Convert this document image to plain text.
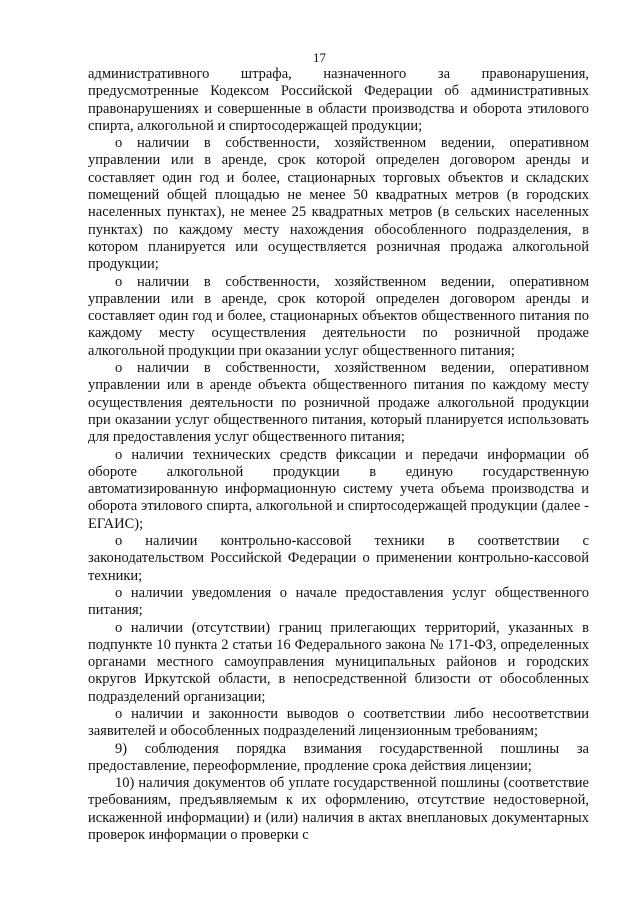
17

административного штрафа, назначенного за правонарушения, предусмотренные Кодексом Российской Федерации об административных правонарушениях и совершенные в области производства и оборота этилового спирта, алкогольной и спиртосодержащей продукции;

о наличии в собственности, хозяйственном ведении, оперативном управлении или в аренде, срок которой определен договором аренды и составляет один год и более, стационарных торговых объектов и складских помещений общей площадью не менее 50 квадратных метров (в городских населенных пунктах), не менее 25 квадратных метров (в сельских населенных пунктах) по каждому месту нахождения обособленного подразделения, в котором планируется или осуществляется розничная продажа алкогольной продукции;

о наличии в собственности, хозяйственном ведении, оперативном управлении или в аренде, срок которой определен договором аренды и составляет один год и более, стационарных объектов общественного питания по каждому месту осуществления деятельности по розничной продаже алкогольной продукции при оказании услуг общественного питания;

о наличии в собственности, хозяйственном ведении, оперативном управлении или в аренде объекта общественного питания по каждому месту осуществления деятельности по розничной продаже алкогольной продукции при оказании услуг общественного питания, который планируется использовать для предоставления услуг общественного питания;

о наличии технических средств фиксации и передачи информации об обороте алкогольной продукции в единую государственную автоматизированную информационную систему учета объема производства и оборота этилового спирта, алкогольной и спиртосодержащей продукции (далее - ЕГАИС);

о наличии контрольно-кассовой техники в соответствии с законодательством Российской Федерации о применении контрольно-кассовой техники;

о наличии уведомления о начале предоставления услуг общественного питания;

о наличии (отсутствии) границ прилегающих территорий, указанных в подпункте 10 пункта 2 статьи 16 Федерального закона № 171-ФЗ, определенных органами местного самоуправления муниципальных районов и городских округов Иркутской области, в непосредственной близости от обособленных подразделений организации;

о наличии и законности выводов о соответствии либо несоответствии заявителей и обособленных подразделений лицензионным требованиям;

9) соблюдения порядка взимания государственной пошлины за предоставление, переоформление, продление срока действия лицензии;

10) наличия документов об уплате государственной пошлины (соответствие требованиям, предъявляемым к их оформлению, отсутствие недостоверной, искаженной информации) и (или) наличия в актах внеплановых документарных проверок информации о проверки с
